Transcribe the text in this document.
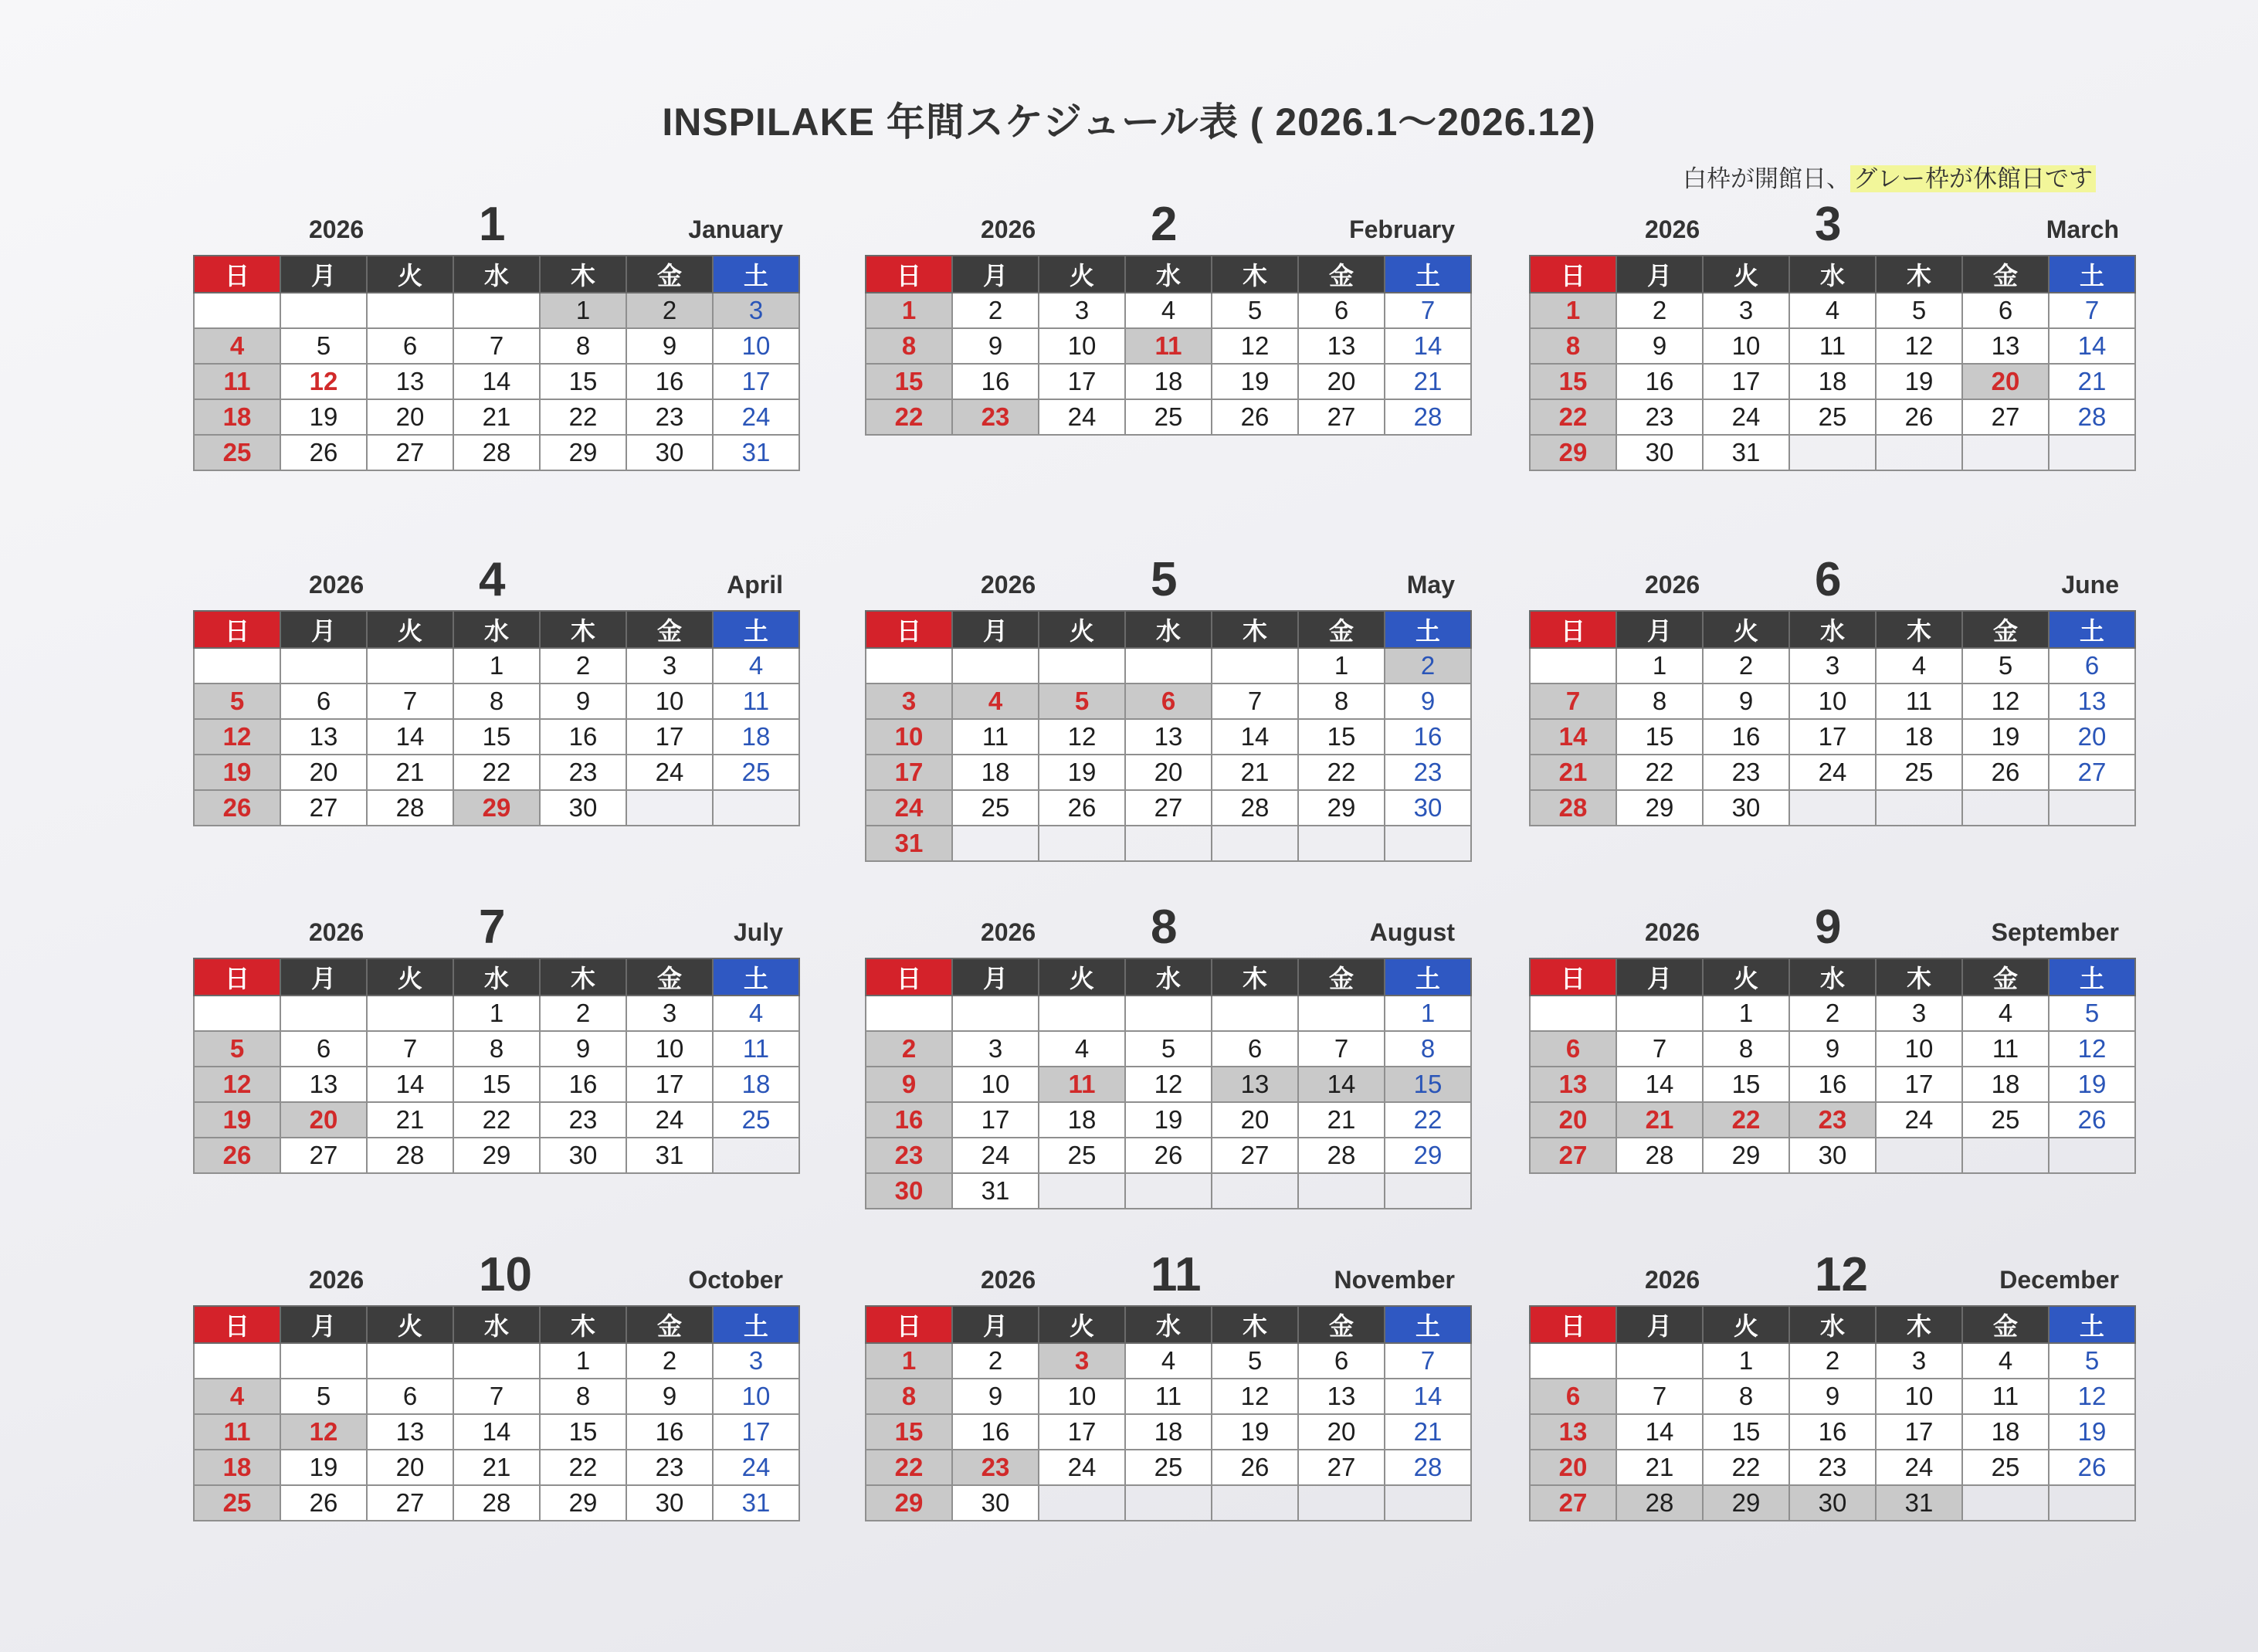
INSPILAKE 年間スケジュール表 ( 2026.1～2026.12)
白枠が開館日、 グレー枠が休館日です
2026 1	January
日	月	火	水	木	金	土
				1	2	3
4	5	6	7	8	9	10
11	12	13	14	15	16	17
18	19	20	21	22	23	24
25	26	27	28	29	30	31
2026 2	February
日	月	火	水	木	金	土
1	2	3	4	5	6	7
8	9	10	11	12	13	14
15	16	17	18	19	20	21
22	23	24	25	26	27	28
2026 3	March
日	月	火	水	木	金	土
1	2	3	4	5	6	7
8	9	10	11	12	13	14
15	16	17	18	19	20	21
22	23	24	25	26	27	28
29	30	31				
2026 4	April
日	月	火	水	木	金	土
			1	2	3	4
5	6	7	8	9	10	11
12	13	14	15	16	17	18
19	20	21	22	23	24	25
26	27	28	29	30		
2026 5	May
日	月	火	水	木	金	土
					1	2
3	4	5	6	7	8	9
10	11	12	13	14	15	16
17	18	19	20	21	22	23
24	25	26	27	28	29	30
31						
2026 6	June
日	月	火	水	木	金	土
	1	2	3	4	5	6
7	8	9	10	11	12	13
14	15	16	17	18	19	20
21	22	23	24	25	26	27
28	29	30				
2026 7	July
日	月	火	水	木	金	土
			1	2	3	4
5	6	7	8	9	10	11
12	13	14	15	16	17	18
19	20	21	22	23	24	25
26	27	28	29	30	31	
2026 8	August
日	月	火	水	木	金	土
						1
2	3	4	5	6	7	8
9	10	11	12	13	14	15
16	17	18	19	20	21	22
23	24	25	26	27	28	29
30	31					
2026 9	September
日	月	火	水	木	金	土
		1	2	3	4	5
6	7	8	9	10	11	12
13	14	15	16	17	18	19
20	21	22	23	24	25	26
27	28	29	30			
2026 10	October
日	月	火	水	木	金	土
				1	2	3
4	5	6	7	8	9	10
11	12	13	14	15	16	17
18	19	20	21	22	23	24
25	26	27	28	29	30	31
2026 11	November
日	月	火	水	木	金	土
1	2	3	4	5	6	7
8	9	10	11	12	13	14
15	16	17	18	19	20	21
22	23	24	25	26	27	28
29	30					
2026 12	December
日	月	火	水	木	金	土
		1	2	3	4	5
6	7	8	9	10	11	12
13	14	15	16	17	18	19
20	21	22	23	24	25	26
27	28	29	30	31		
